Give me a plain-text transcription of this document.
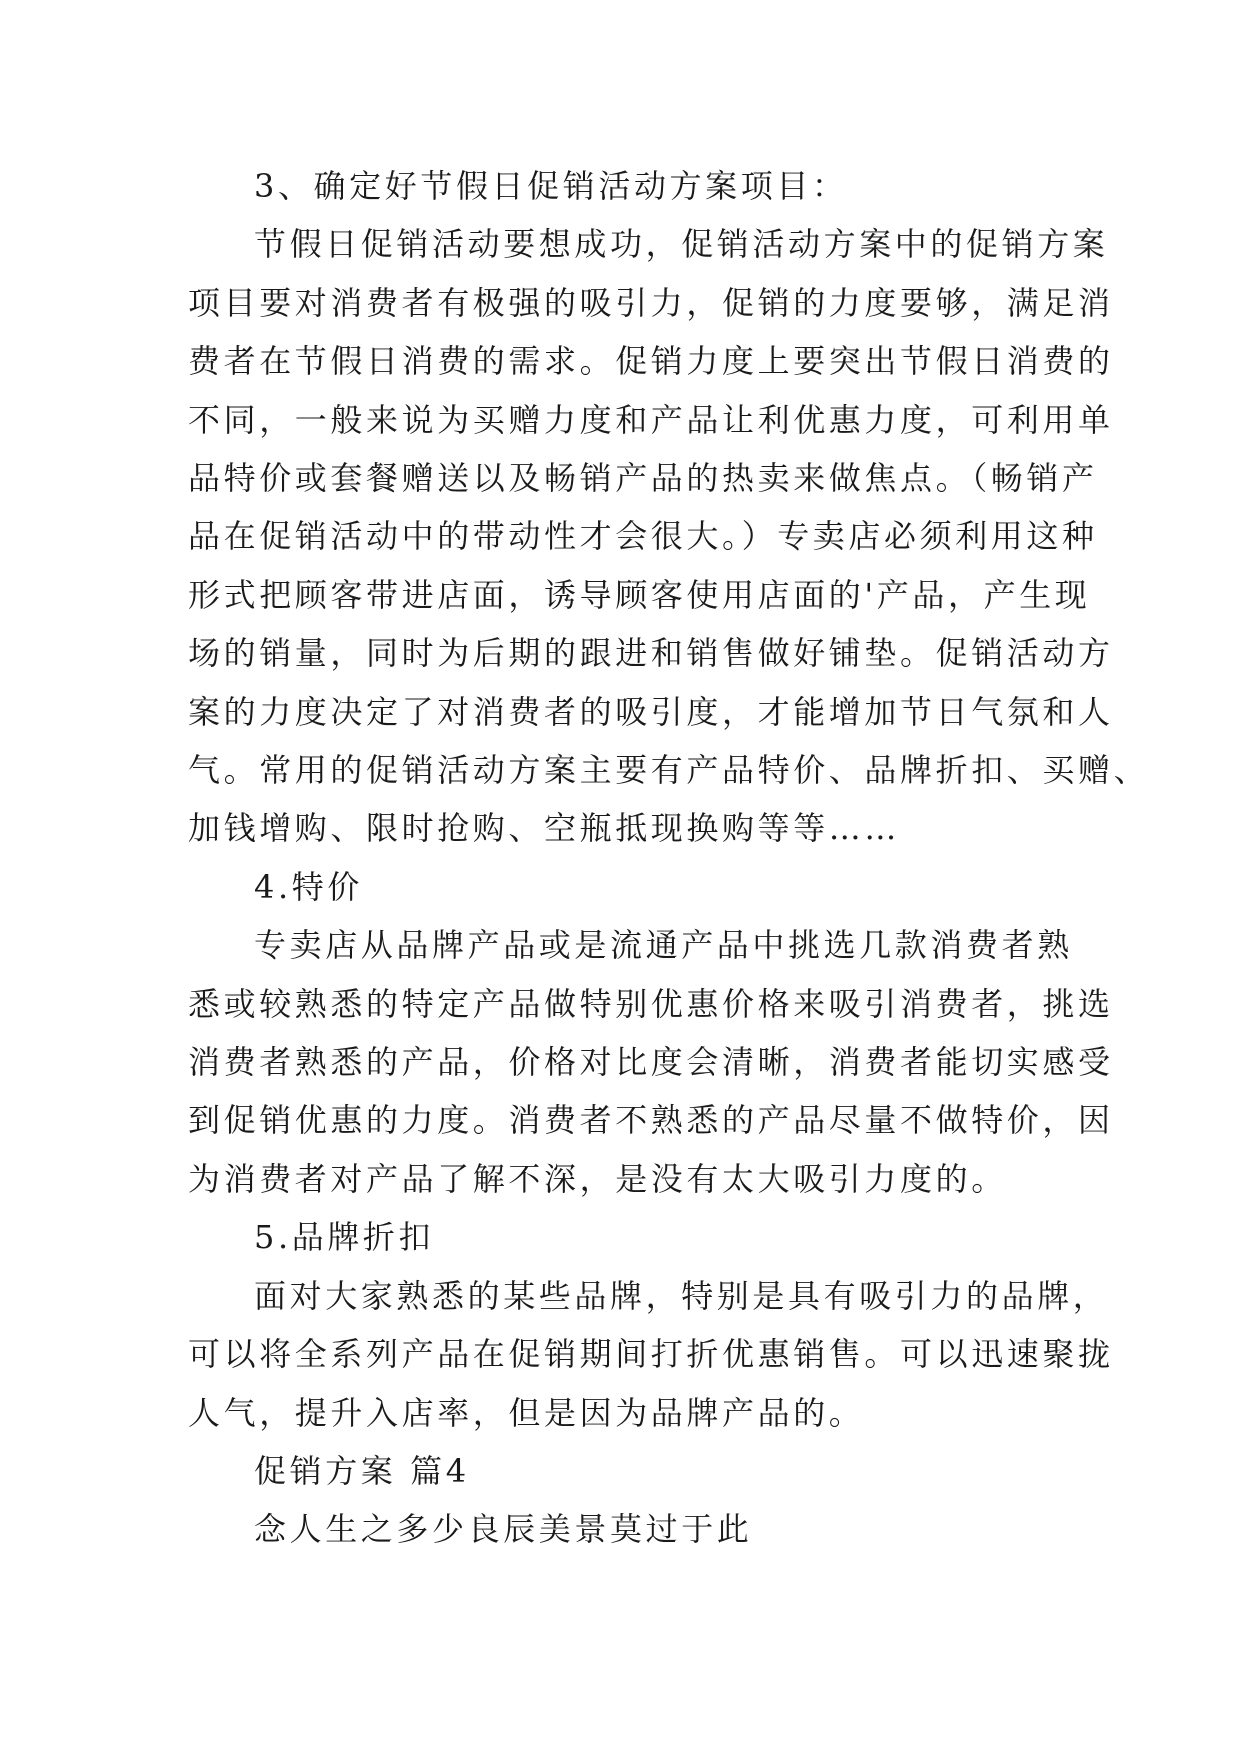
3、确定好节假日促销活动方案项目：
节假日促销活动要想成功，促销活动方案中的促销方案
项目要对消费者有极强的吸引力，促销的力度要够，满足消
费者在节假日消费的需求。促销力度上要突出节假日消费的
不同，一般来说为买赠力度和产品让利优惠力度，可利用单
品特价或套餐赠送以及畅销产品的热卖来做焦点。（畅销产
品在促销活动中的带动性才会很大。）专卖店必须利用这种
形式把顾客带进店面，诱导顾客使用店面的'产品，产生现
场的销量，同时为后期的跟进和销售做好铺垫。促销活动方
案的力度决定了对消费者的吸引度，才能增加节日气氛和人
气。常用的促销活动方案主要有产品特价、品牌折扣、买赠、
加钱增购、限时抢购、空瓶抵现换购等等……
4.特价
专卖店从品牌产品或是流通产品中挑选几款消费者熟
悉或较熟悉的特定产品做特别优惠价格来吸引消费者，挑选
消费者熟悉的产品，价格对比度会清晰，消费者能切实感受
到促销优惠的力度。消费者不熟悉的产品尽量不做特价，因
为消费者对产品了解不深，是没有太大吸引力度的。
5.品牌折扣
面对大家熟悉的某些品牌，特别是具有吸引力的品牌，
可以将全系列产品在促销期间打折优惠销售。可以迅速聚拢
人气，提升入店率，但是因为品牌产品的。
促销方案 篇4
念人生之多少良辰美景莫过于此
